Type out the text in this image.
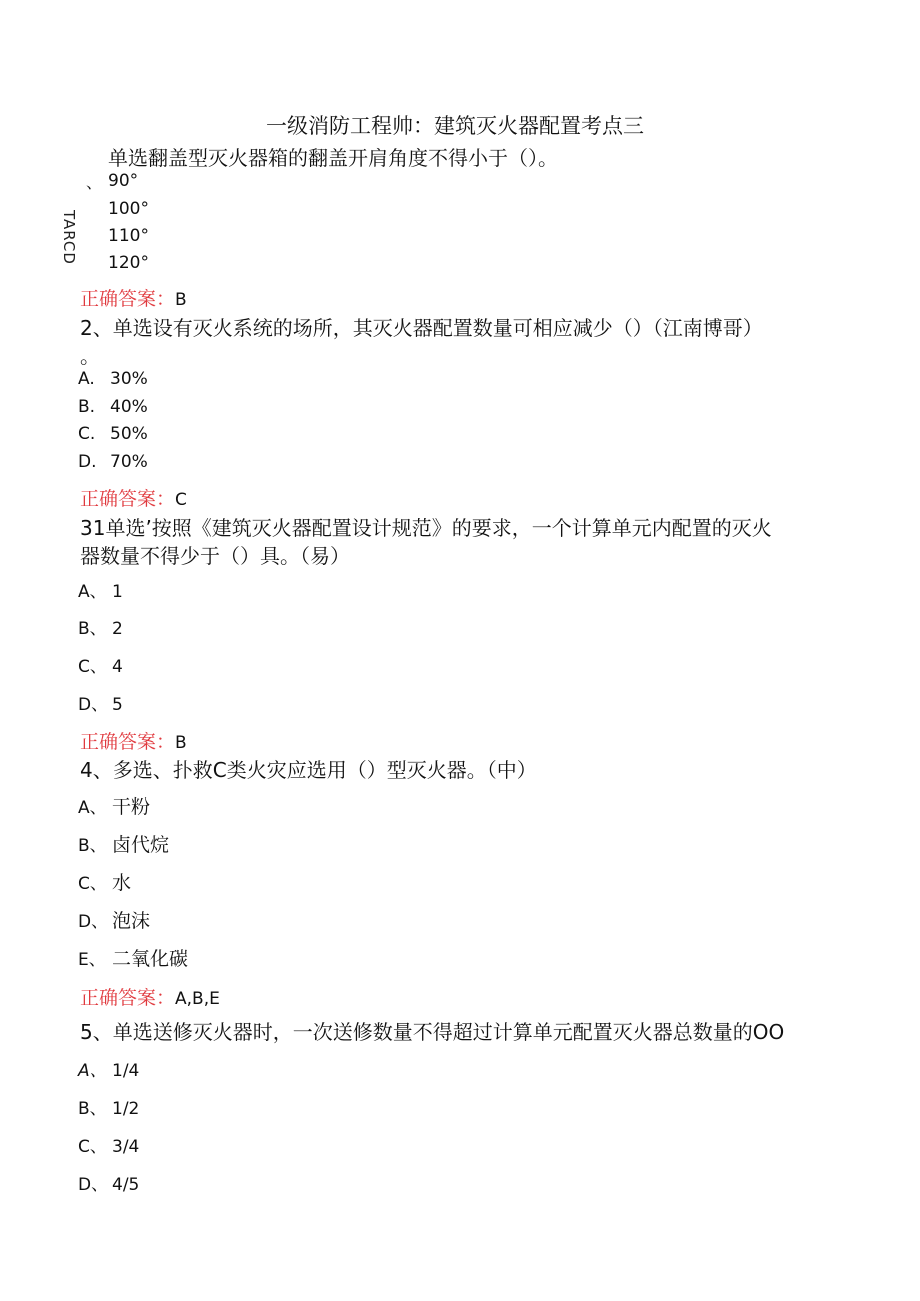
一级消防工程帅：建筑灭火器配置考点三
单选翻盖型灭火器箱的翻盖开肩角度不得小于（）。
、
TARCD
90°
100°
110°
120°
正确答案：B
2、单选设有灭火系统的场所，其灭火器配置数量可相应减少（）（江南博哥）
。
A. 30%
B. 40%
C. 50%
D. 70%
正确答案：C
31单选’按照《建筑灭火器配置设计规范》的要求，一个计算单元内配置的灭火
器数量不得少于（）具。（易）
A、 1
B、 2
C、 4
D、 5
正确答案：B
4、多选、扑救C类火灾应选用（）型灭火器。（中）
A、 干粉
B、 卤代烷
C、 水
D、 泡沫
E、 二氧化碳
正确答案：A,B,E
5、单选送修灭火器时，一次送修数量不得超过计算单元配置灭火器总数量的OO
A、 1/4
B、 1/2
C、 3/4
D、 4/5
